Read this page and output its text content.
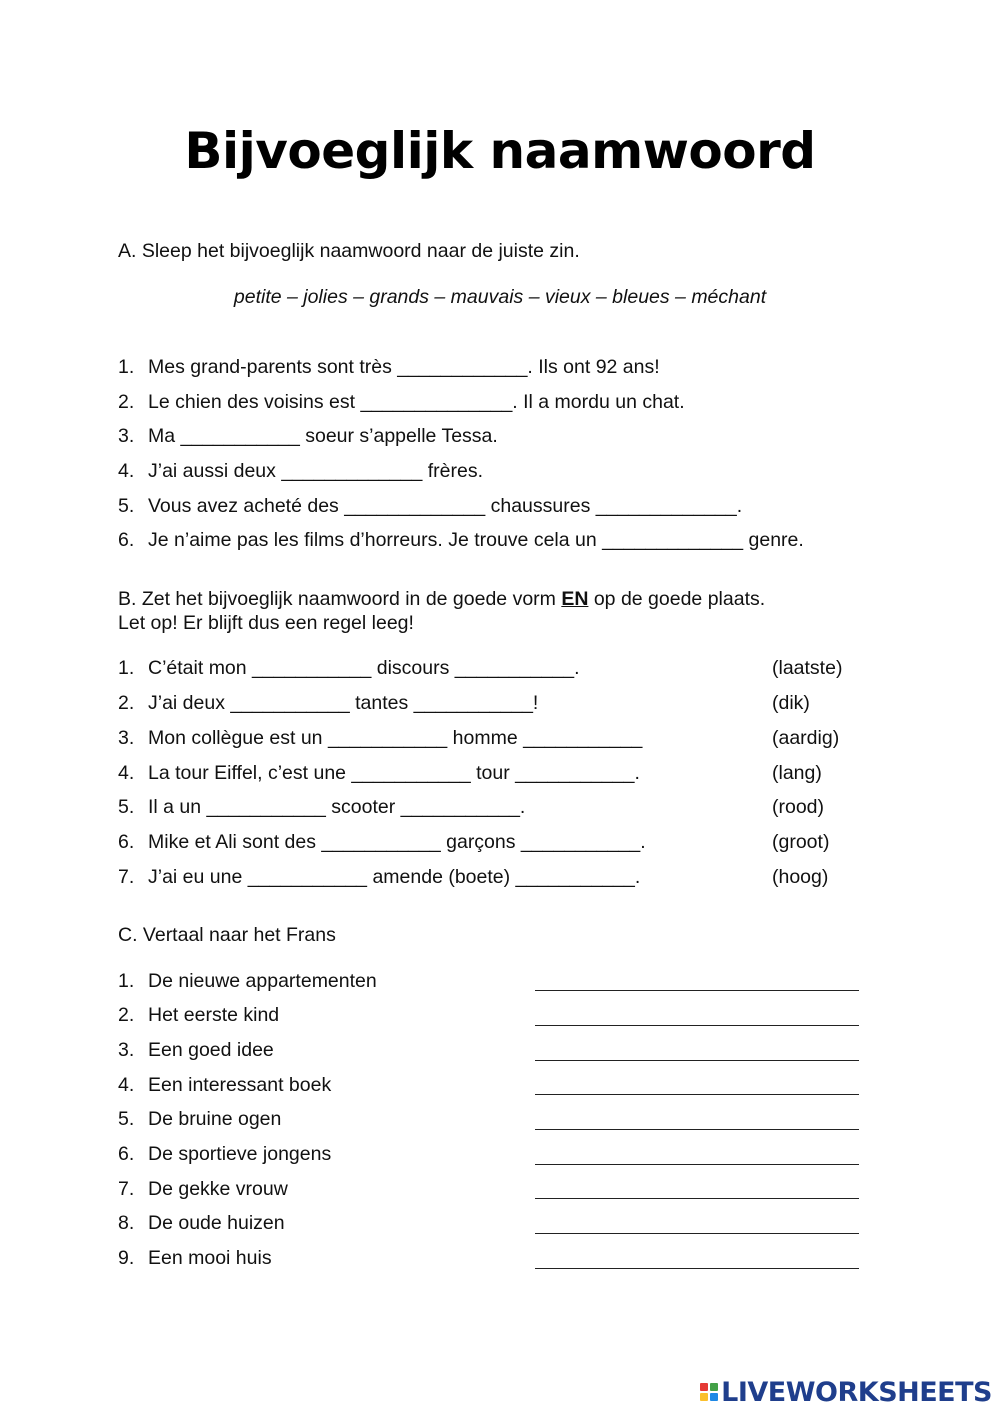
Bijvoeglijk naamwoord
A. Sleep het bijvoeglijk naamwoord naar de juiste zin.
petite – jolies – grands – mauvais – vieux – bleues – méchant
1. Mes grand-parents sont très ____________. Ils ont 92 ans!
2. Le chien des voisins est ______________. Il a mordu un chat.
3. Ma ___________ soeur s’appelle Tessa.
4. J’ai aussi deux _____________ frères.
5. Vous avez acheté des _____________ chaussures _____________.
6. Je n’aime pas les films d’horreurs. Je trouve cela un _____________ genre.
B. Zet het bijvoeglijk naamwoord in de goede vorm EN op de goede plaats.
Let op! Er blijft dus een regel leeg!
1. C’était mon ___________ discours ___________.	(laatste)
2. J’ai deux ___________ tantes ___________!	(dik)
3. Mon collègue est un ___________ homme ___________	(aardig)
4. La tour Eiffel, c’est une ___________ tour ___________.	(lang)
5. Il a un ___________ scooter ___________.	(rood)
6. Mike et Ali sont des ___________ garçons ___________.	(groot)
7. J’ai eu une ___________ amende (boete) ___________.	(hoog)
C. Vertaal naar het Frans
1. De nieuwe appartementen
2. Het eerste kind
3. Een goed idee
4. Een interessant boek
5. De bruine ogen
6. De sportieve jongens
7. De gekke vrouw
8. De oude huizen
9. Een mooi huis
LIVEWORKSHEETS
